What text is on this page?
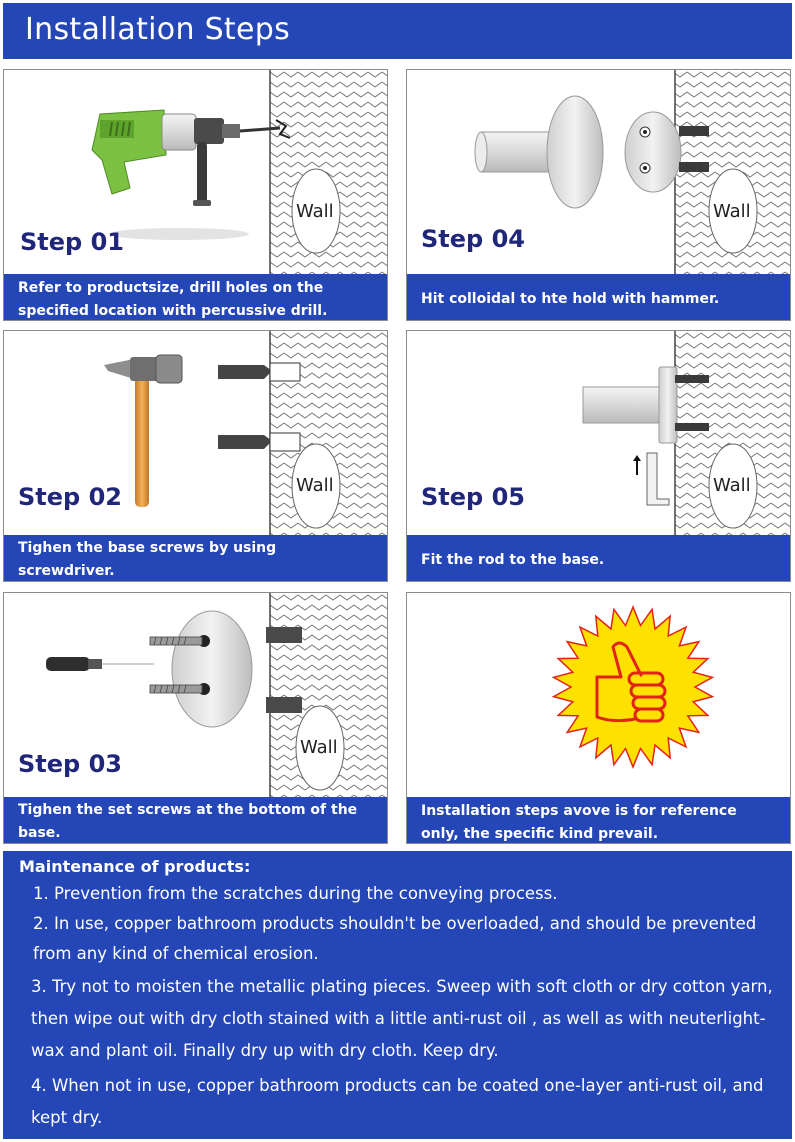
Installation Steps
Wall
Step 01
Refer to productsize, drill holes on the specified location with percussive drill.
Wall
Step 04
Hit colloidal to hte hold with hammer.
Wall
Step 02
Tighen the base screws by using screwdriver.
Wall
Step 05
Fit the rod to the base.
Wall
Step 03
Tighen the set screws at the bottom of the base.
Installation steps avove is for reference only, the specific kind prevail.
Maintenance of products:
1. Prevention from the scratches during the conveying process.
2. In use, copper bathroom products shouldn't be overloaded, and should be prevented from any kind of chemical erosion.
3. Try not to moisten the metallic plating pieces. Sweep with soft cloth or dry cotton yarn, then wipe out with dry cloth stained with a little anti-rust oil , as well as with neuterlight-wax and plant oil. Finally dry up with dry cloth. Keep dry.
4. When not in use, copper bathroom products can be coated one-layer anti-rust oil, and kept dry.
